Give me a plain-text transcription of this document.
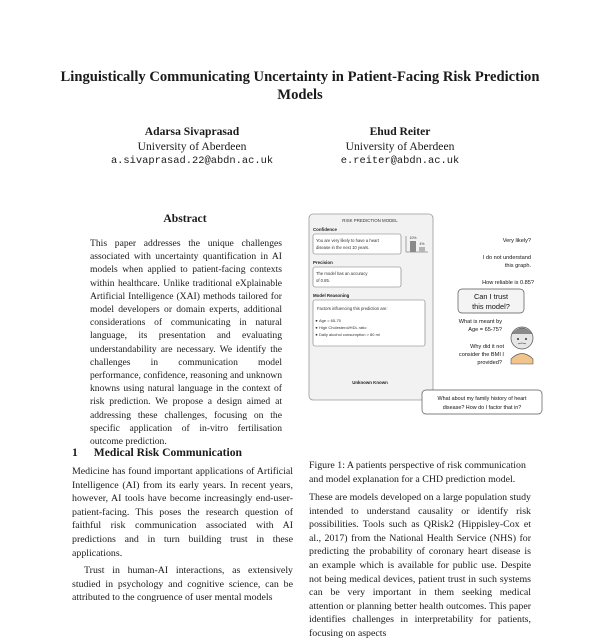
Linguistically Communicating Uncertainty in Patient-Facing Risk Prediction Models
Adarsa Sivaprasad
University of Aberdeen
a.sivaprasad.22@abdn.ac.uk
Ehud Reiter
University of Aberdeen
e.reiter@abdn.ac.uk
Abstract
This paper addresses the unique challenges associated with uncertainty quantification in AI models when applied to patient-facing contexts within healthcare. Unlike traditional eXplainable Artificial Intelligence (XAI) methods tailored for model developers or domain experts, additional considerations of communicating in natural language, its presentation and evaluating understandability are necessary. We identify the challenges in communication model performance, confidence, reasoning and unknown knowns using natural language in the context of risk prediction. We propose a design aimed at addressing these challenges, focusing on the specific application of in-vitro fertilisation outcome prediction.
1 Medical Risk Communication

Medicine has found important applications of Artificial Intelligence (AI) from its early years. In recent years, however, AI tools have become increasingly end-user-patient-facing. This poses the research question of faithful risk communication associated with AI predictions and in turn building trust in these applications.

Trust in human-AI interactions, as extensively studied in psychology and cognitive science, can be attributed to the congruence of user mental models

RISK PREDICTION MODEL
Confidence
You are very likely to have a heart
disease in the next 10 years.
10%
4%
Precision
The model has an accuracy
of 0.85.
Model Reasoning
Factors influencing this prediction are:
Age = 65-75
High Cholesterol/HDL ratio
Daily alcohol consumption > 80 ml
Unknown Known
Very likely?
I do not understand
this graph.
How reliable is 0.85?
Can I trust
this model?
What is meant by
Age = 65-75?
Why did it not
consider the BMI I
provided?
What about my family history of heart
disease? How do I factor that in?
Figure 1: A patients perspective of risk communication and model explanation for a CHD prediction model.
These are models developed on a large population study intended to understand causality or identify risk possibilities. Tools such as QRisk2 (Hippisley-Cox et al., 2017) from the National Health Service (NHS) for predicting the probability of coronary heart disease is an example which is available for public use. Despite not being medical devices, patient trust in such systems can be very important in them seeking medical attention or planning better health outcomes. This paper identifies challenges in interpretability for patients, focusing on aspects
